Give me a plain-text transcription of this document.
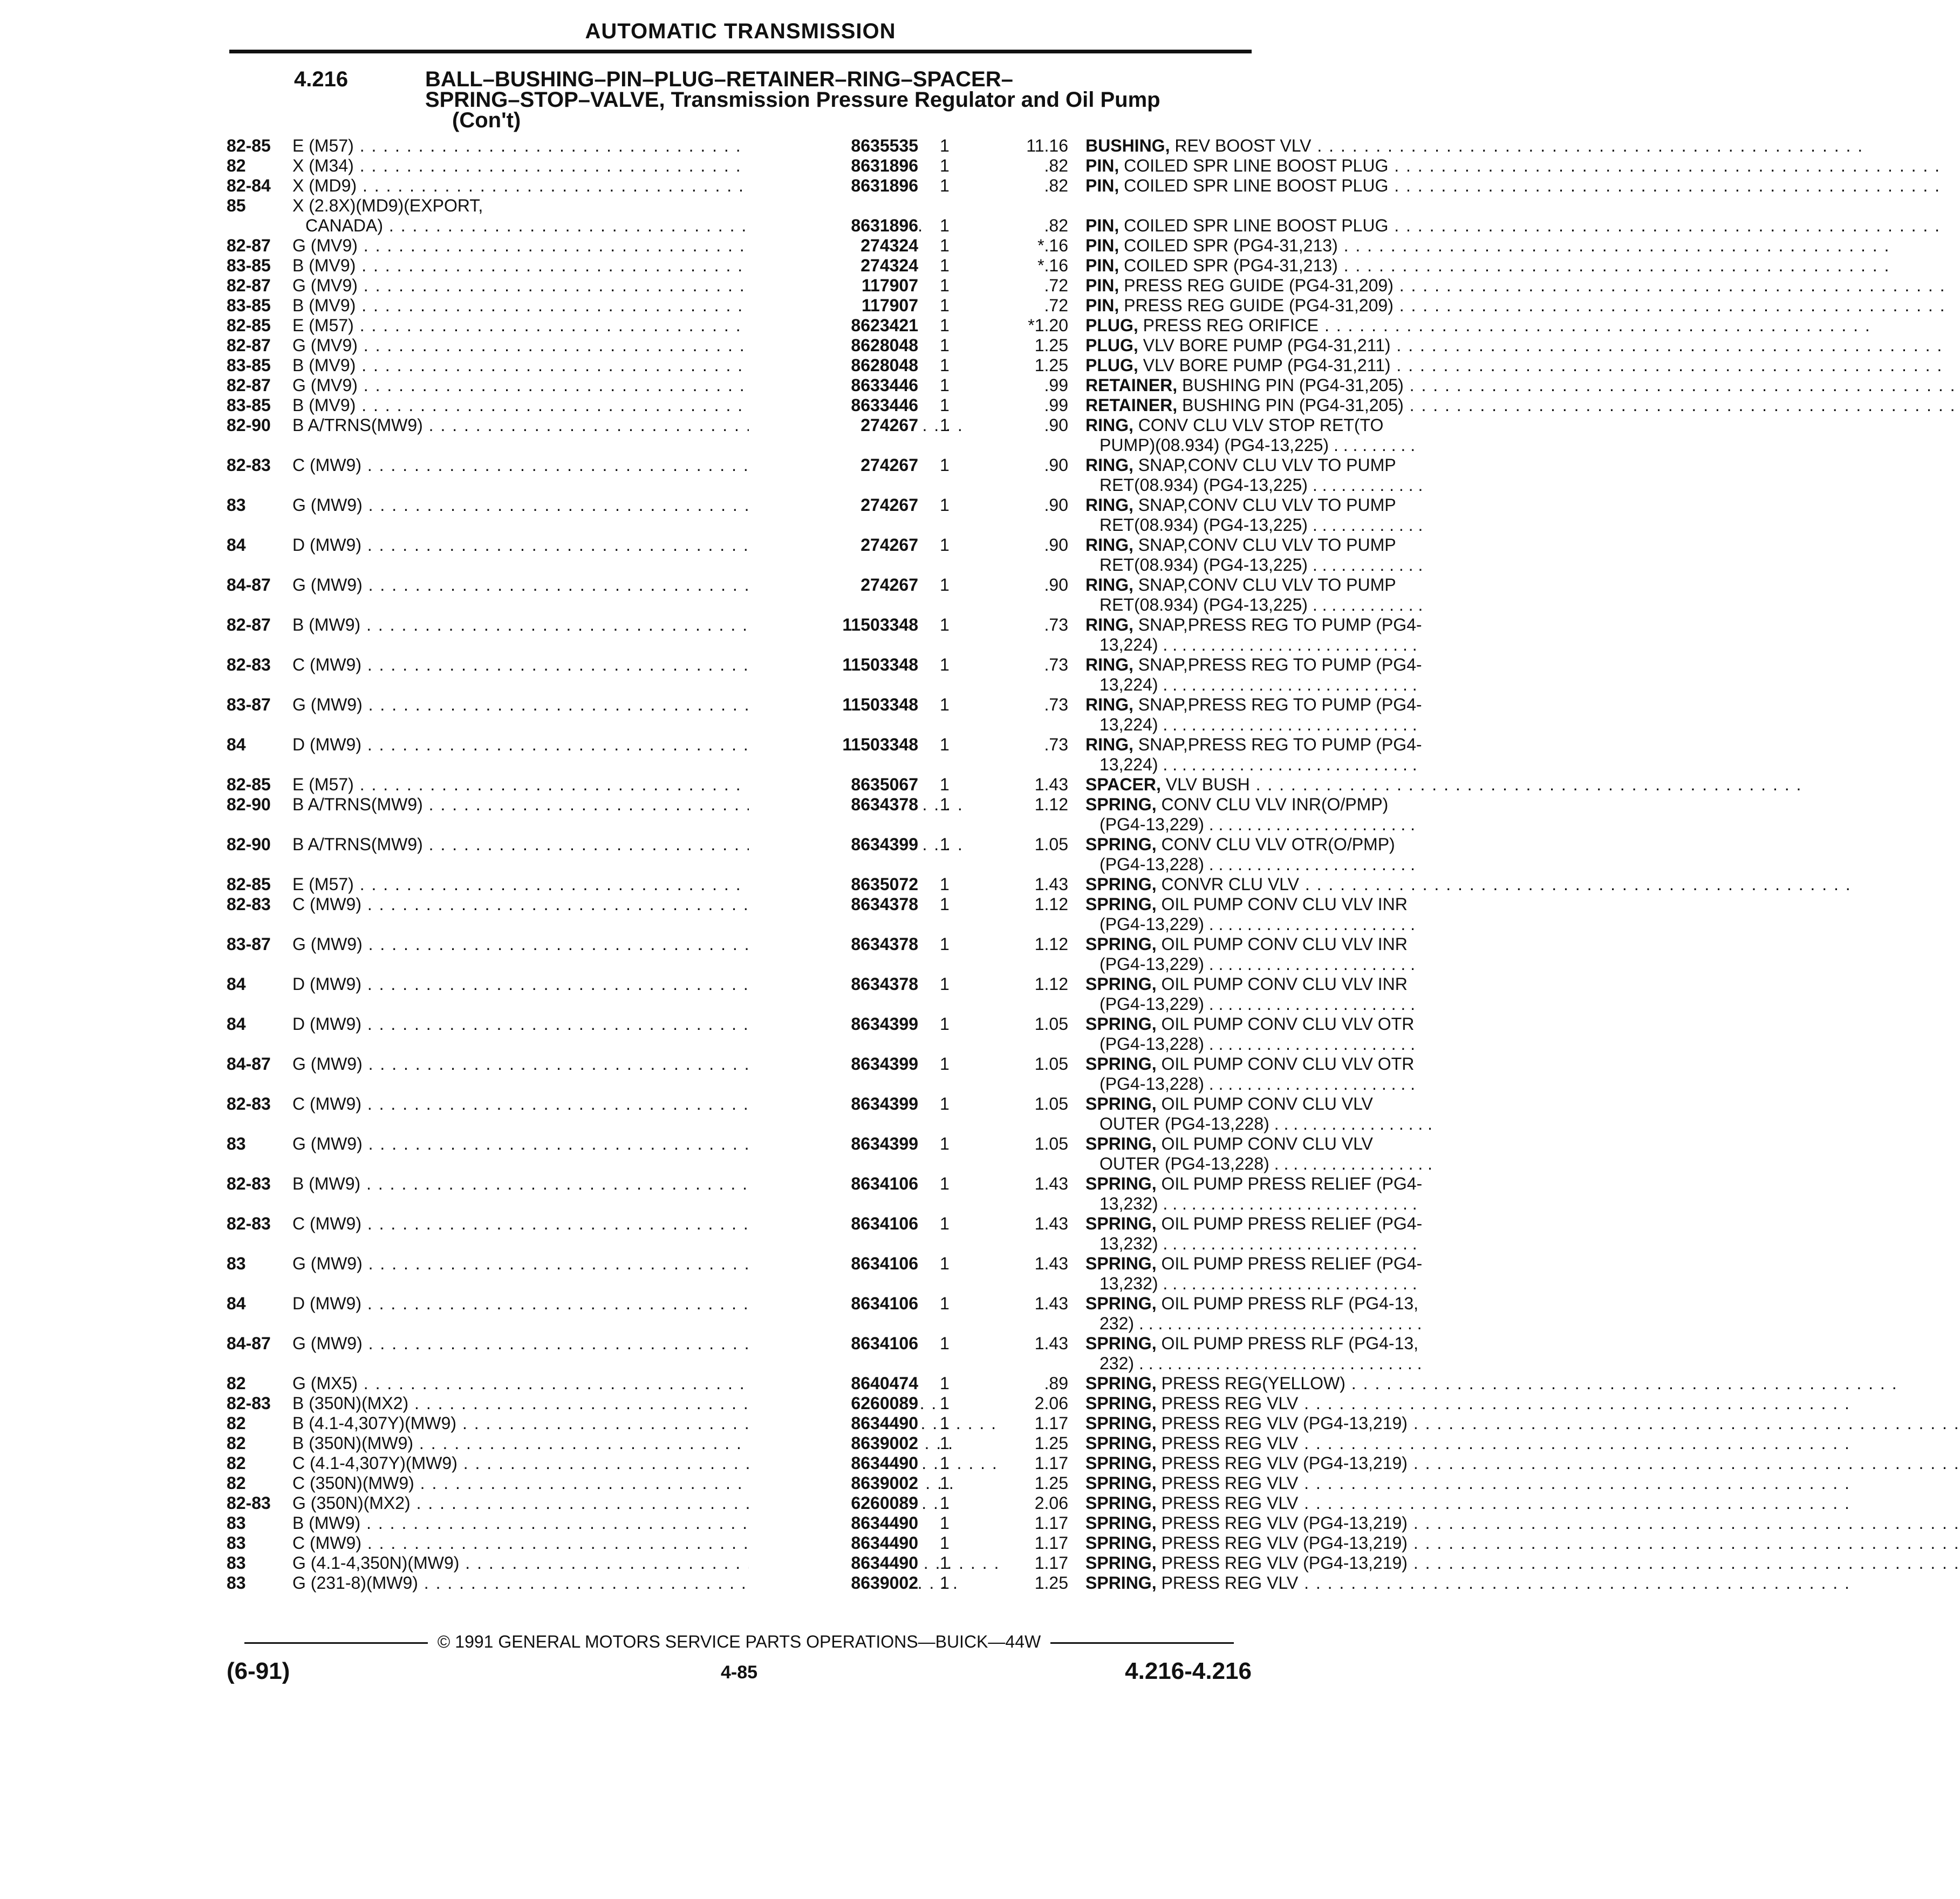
AUTOMATIC TRANSMISSION
4.216	BALL–BUSHING–PIN–PLUG–RETAINER–RING–SPACER–
SPRING–STOP–VALVE, Transmission Pressure Regulator and Oil Pump
(Con't)
82-85 E (M57) . . .	8635535 1	11.16 BUSHING, REV BOOST VLV . . .
82	X (M34) . . .	8631896 1	.82 PIN, COILED SPR LINE BOOST PLUG . . .
82-84 X (MD9) . . .	8631896 1	.82 PIN, COILED SPR LINE BOOST PLUG . . .
85	X (2.8X)(MD9)(EXPORT,
CANADA) . . .	8631896 1	.82 PIN, COILED SPR LINE BOOST PLUG . . .
82-87 G (MV9) . . .	274324 1	*.16 PIN, COILED SPR (PG4-31,213) . . .
83-85 B (MV9) . . .	274324 1	*.16 PIN, COILED SPR (PG4-31,213) . . .
82-87 G (MV9) . . .	117907 1	.72 PIN, PRESS REG GUIDE (PG4-31,209) . . .
83-85 B (MV9) . . .	117907 1	.72 PIN, PRESS REG GUIDE (PG4-31,209) . . .
82-85 E (M57) . . .	8623421 1	*1.20 PLUG, PRESS REG ORIFICE . . .
82-87 G (MV9) . . .	8628048 1	1.25 PLUG, VLV BORE PUMP (PG4-31,211) . . .
83-85 B (MV9) . . .	8628048 1	1.25 PLUG, VLV BORE PUMP (PG4-31,211) . . .
82-87 G (MV9) . . .	8633446 1	.99 RETAINER, BUSHING PIN (PG4-31,205) . . .
83-85 B (MV9) . . .	8633446 1	.99 RETAINER, BUSHING PIN (PG4-31,205) . . .
82-90 B A/TRNS(MW9) . . .	274267 1	.90 RING, CONV CLU VLV STOP RET(TO
PUMP)(08.934) (PG4-13,225) . . . . . . . . .
82-83 C (MW9) . . .	274267 1	.90 RING, SNAP,CONV CLU VLV TO PUMP
RET(08.934) (PG4-13,225) . . . . . . . . . . . .
83	G (MW9) . . .	274267 1	.90 RING, SNAP,CONV CLU VLV TO PUMP
RET(08.934) (PG4-13,225) . . . . . . . . . . . .
84	D (MW9) . . .	274267 1	.90 RING, SNAP,CONV CLU VLV TO PUMP
RET(08.934) (PG4-13,225) . . . . . . . . . . . .
84-87 G (MW9) . . .	274267 1	.90 RING, SNAP,CONV CLU VLV TO PUMP
RET(08.934) (PG4-13,225) . . . . . . . . . . . .
82-87 B (MW9) . . .	11503348 1	.73 RING, SNAP,PRESS REG TO PUMP (PG4-
13,224) . . . . . . . . . . . . . . . . . . . . . . . . . . .
82-83 C (MW9) . . .	11503348 1	.73 RING, SNAP,PRESS REG TO PUMP (PG4-
13,224) . . . . . . . . . . . . . . . . . . . . . . . . . . .
83-87 G (MW9) . . .	11503348 1	.73 RING, SNAP,PRESS REG TO PUMP (PG4-
13,224) . . . . . . . . . . . . . . . . . . . . . . . . . . .
84	D (MW9) . . .	11503348 1	.73 RING, SNAP,PRESS REG TO PUMP (PG4-
13,224) . . . . . . . . . . . . . . . . . . . . . . . . . . .
82-85 E (M57) . . .	8635067 1	1.43 SPACER, VLV BUSH . . .
82-90 B A/TRNS(MW9) . . .	8634378 1	1.12 SPRING, CONV CLU VLV INR(O/PMP)
(PG4-13,229) . . . . . . . . . . . . . . . . . . . . . .
82-90 B A/TRNS(MW9) . . .	8634399 1	1.05 SPRING, CONV CLU VLV OTR(O/PMP)
(PG4-13,228) . . . . . . . . . . . . . . . . . . . . . .
82-85 E (M57) . . .	8635072 1	1.43 SPRING, CONVR CLU VLV . . .
82-83 C (MW9) . . .	8634378 1	1.12 SPRING, OIL PUMP CONV CLU VLV INR
(PG4-13,229) . . . . . . . . . . . . . . . . . . . . . .
83-87 G (MW9) . . .	8634378 1	1.12 SPRING, OIL PUMP CONV CLU VLV INR
(PG4-13,229) . . . . . . . . . . . . . . . . . . . . . .
84	D (MW9) . . .	8634378 1	1.12 SPRING, OIL PUMP CONV CLU VLV INR
(PG4-13,229) . . . . . . . . . . . . . . . . . . . . . .
84	D (MW9) . . .	8634399 1	1.05 SPRING, OIL PUMP CONV CLU VLV OTR
(PG4-13,228) . . . . . . . . . . . . . . . . . . . . . .
84-87 G (MW9) . . .	8634399 1	1.05 SPRING, OIL PUMP CONV CLU VLV OTR
(PG4-13,228) . . . . . . . . . . . . . . . . . . . . . .
82-83 C (MW9) . . .	8634399 1	1.05 SPRING, OIL PUMP CONV CLU VLV
OUTER (PG4-13,228) . . . . . . . . . . . . . . . . .
83	G (MW9) . . .	8634399 1	1.05 SPRING, OIL PUMP CONV CLU VLV
OUTER (PG4-13,228) . . . . . . . . . . . . . . . . .
82-83 B (MW9) . . .	8634106 1	1.43 SPRING, OIL PUMP PRESS RELIEF (PG4-
13,232) . . . . . . . . . . . . . . . . . . . . . . . . . . .
82-83 C (MW9) . . .	8634106 1	1.43 SPRING, OIL PUMP PRESS RELIEF (PG4-
13,232) . . . . . . . . . . . . . . . . . . . . . . . . . . .
83	G (MW9) . . .	8634106 1	1.43 SPRING, OIL PUMP PRESS RELIEF (PG4-
13,232) . . . . . . . . . . . . . . . . . . . . . . . . . . .
84	D (MW9) . . .	8634106 1	1.43 SPRING, OIL PUMP PRESS RLF (PG4-13,
232) . . . . . . . . . . . . . . . . . . . . . . . . . . . . . .
84-87 G (MW9) . . .	8634106 1	1.43 SPRING, OIL PUMP PRESS RLF (PG4-13,
232) . . . . . . . . . . . . . . . . . . . . . . . . . . . . . .
82	G (MX5) . . .	8640474 1	.89 SPRING, PRESS REG(YELLOW) . . .
82-83 B (350N)(MX2) . . .	6260089 1	2.06 SPRING, PRESS REG VLV . . .
82	B (4.1-4,307Y)(MW9) . . .	8634490 1	1.17 SPRING, PRESS REG VLV (PG4-13,219) . . .
82	B (350N)(MW9) . . .	8639002 1	1.25 SPRING, PRESS REG VLV . . .
82	C (4.1-4,307Y)(MW9) . . .	8634490 1	1.17 SPRING, PRESS REG VLV (PG4-13,219) . . .
82	C (350N)(MW9) . . .	8639002 1	1.25 SPRING, PRESS REG VLV . . .
82-83 G (350N)(MX2) . . .	6260089 1	2.06 SPRING, PRESS REG VLV . . .
83	B (MW9) . . .	8634490 1	1.17 SPRING, PRESS REG VLV (PG4-13,219) . . .
83	C (MW9) . . .	8634490 1	1.17 SPRING, PRESS REG VLV (PG4-13,219) . . .
83	G (4.1-4,350N)(MW9) . . .	8634490 1	1.17 SPRING, PRESS REG VLV (PG4-13,219) . . .
83	G (231-8)(MW9) . . .	8639002 1	1.25 SPRING, PRESS REG VLV . . .
© 1991 GENERAL MOTORS SERVICE PARTS OPERATIONS—BUICK—44W
(6-91)	4-85	4.216-4.216
